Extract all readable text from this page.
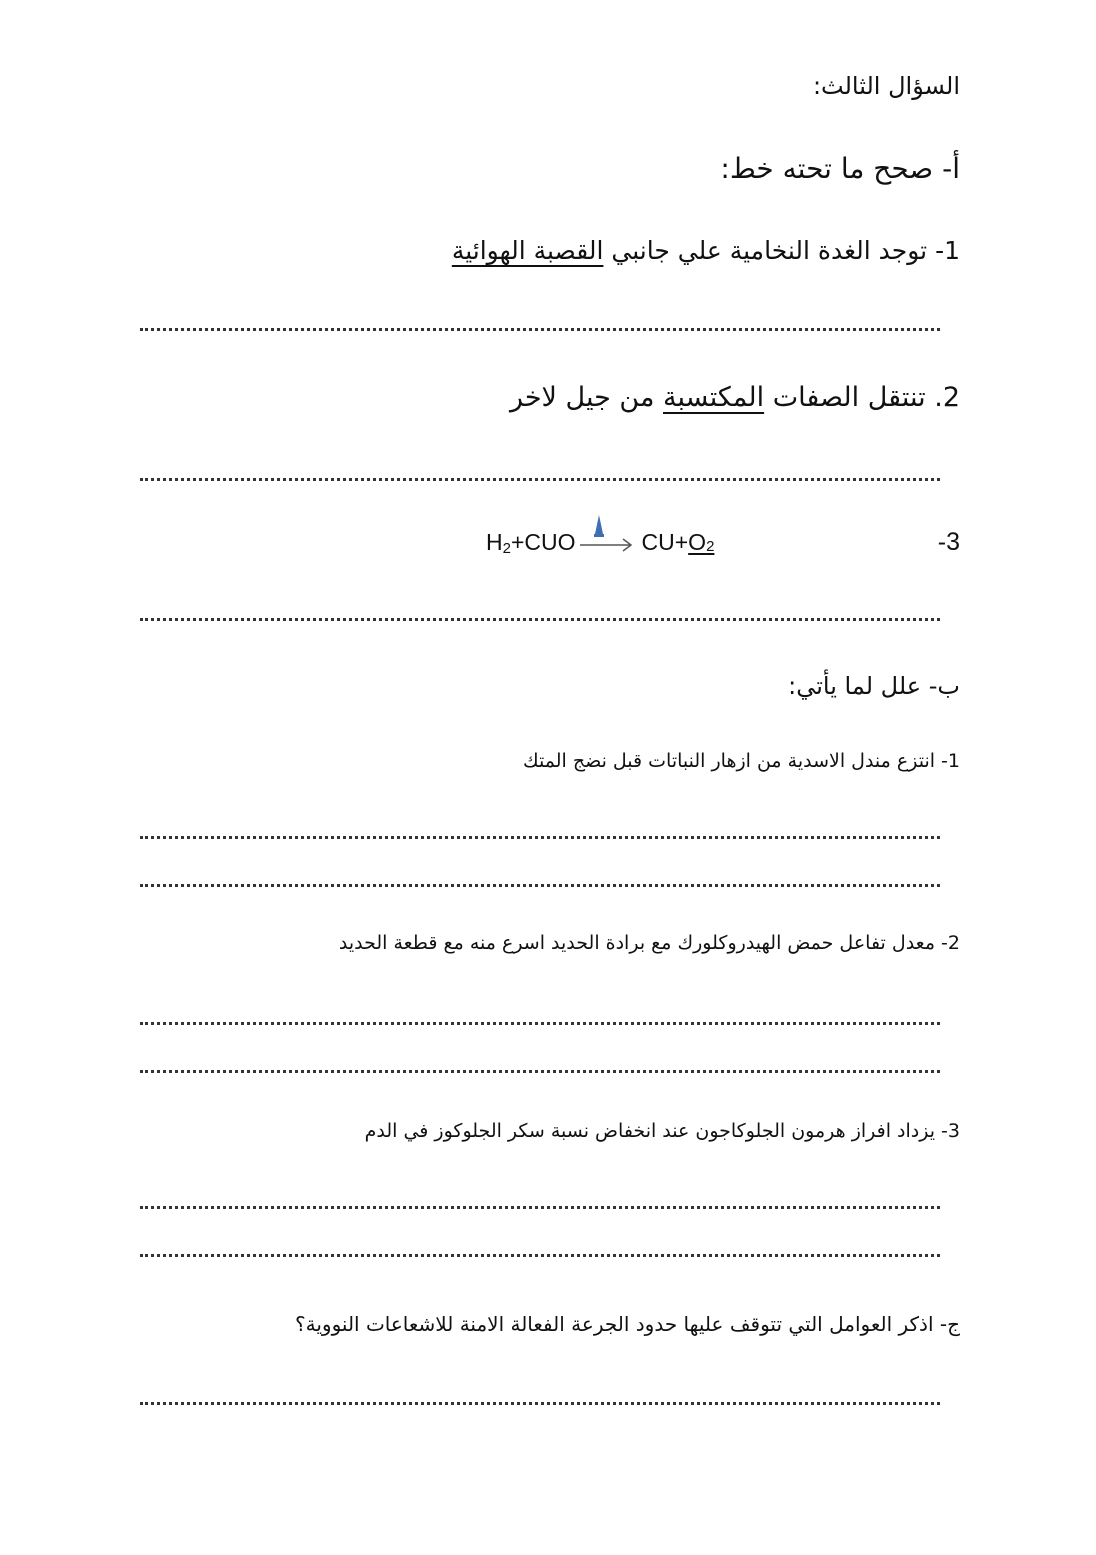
السؤال الثالث:
أ- صحح ما تحته خط:
1- توجد الغدة النخامية علي جانبي القصبة الهوائية
2. تنتقل الصفات المكتسبة من جيل لاخر
$H_2 +CUO$	$CU+ O_2$	-3
ب- علل لما يأتي:
1- انتزع مندل الاسدية من ازهار النباتات قبل نضج المتك
2- معدل تفاعل حمض الهيدروكلورك مع برادة الحديد اسرع منه مع قطعة الحديد
3- يزداد افراز هرمون الجلوكاجون عند انخفاض نسبة سكر الجلوكوز في الدم
ج- اذكر العوامل التي تتوقف عليها حدود الجرعة الفعالة الامنة للاشعاعات النووية؟
